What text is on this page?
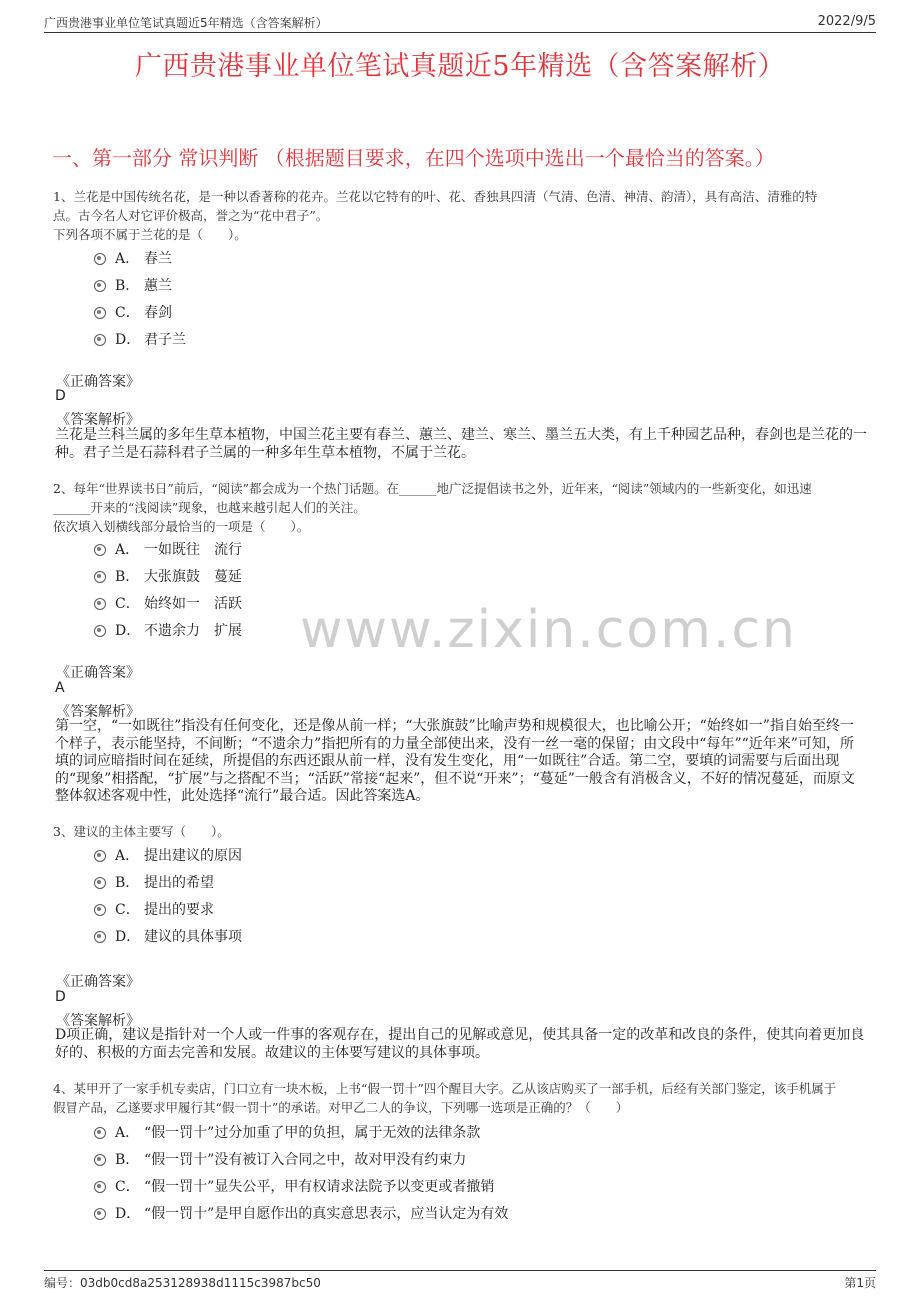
广西贵港事业单位笔试真题近5年精选（含答案解析）	2022/9/5
广西贵港事业单位笔试真题近5年精选（含答案解析）
一、第一部分 常识判断 （根据题目要求，在四个选项中选出一个最恰当的答案。）
www.zixin.com.cn
1、兰花是中国传统名花，是一种以香著称的花卉。兰花以它特有的叶、花、香独具四清（气清、色清、神清、韵清），具有高洁、清雅的特
点。古今名人对它评价极高，誉之为“花中君子”。
下列各项不属于兰花的是（　　）。
A． 春兰
B． 蕙兰
C． 春剑
D． 君子兰
《正确答案》
D
《答案解析》
兰花是兰科兰属的多年生草本植物，中国兰花主要有春兰、蕙兰、建兰、寒兰、墨兰五大类，有上千种园艺品种，春剑也是兰花的一种。君子兰是石蒜科君子兰属的一种多年生草本植物，不属于兰花。
2、每年“世界读书日”前后，“阅读”都会成为一个热门话题。在______地广泛提倡读书之外，近年来，“阅读”领域内的一些新变化，如迅速
______开来的“浅阅读”现象，也越来越引起人们的关注。
依次填入划横线部分最恰当的一项是（　　）。
A． 一如既往　流行
B． 大张旗鼓　蔓延
C． 始终如一　活跃
D． 不遗余力　扩展
《正确答案》
A
《答案解析》
第一空，“一如既往”指没有任何变化，还是像从前一样；“大张旗鼓”比喻声势和规模很大，也比喻公开；“始终如一”指自始至终一个样子，表示能坚持，不间断；“不遗余力”指把所有的力量全部使出来，没有一丝一毫的保留；由文段中“每年”“近年来”可知，所填的词应暗指时间在延续，所提倡的东西还跟从前一样，没有发生变化，用“一如既往”合适。第二空，要填的词需要与后面出现的“现象”相搭配，“扩展”与之搭配不当；“活跃”常接“起来”，但不说“开来”；“蔓延”一般含有消极含义，不好的情况蔓延，而原文整体叙述客观中性，此处选择“流行”最合适。因此答案选A。
3、建议的主体主要写（　　）。
A． 提出建议的原因
B． 提出的希望
C． 提出的要求
D． 建议的具体事项
《正确答案》
D
《答案解析》
D项正确，建议是指针对一个人或一件事的客观存在，提出自己的见解或意见，使其具备一定的改革和改良的条件，使其向着更加良好的、积极的方面去完善和发展。故建议的主体要写建议的具体事项。
4、某甲开了一家手机专卖店，门口立有一块木板，上书“假一罚十”四个醒目大字。乙从该店购买了一部手机，后经有关部门鉴定，该手机属于
假冒产品，乙遂要求甲履行其“假一罚十”的承诺。对甲乙二人的争议，下列哪一选项是正确的？（　　）
A． “假一罚十”过分加重了甲的负担，属于无效的法律条款
B． “假一罚十”没有被订入合同之中，故对甲没有约束力
C． “假一罚十”显失公平，甲有权请求法院予以变更或者撤销
D． “假一罚十”是甲自愿作出的真实意思表示，应当认定为有效
编号：03db0cd8a253128938d1115c3987bc50	第1页
